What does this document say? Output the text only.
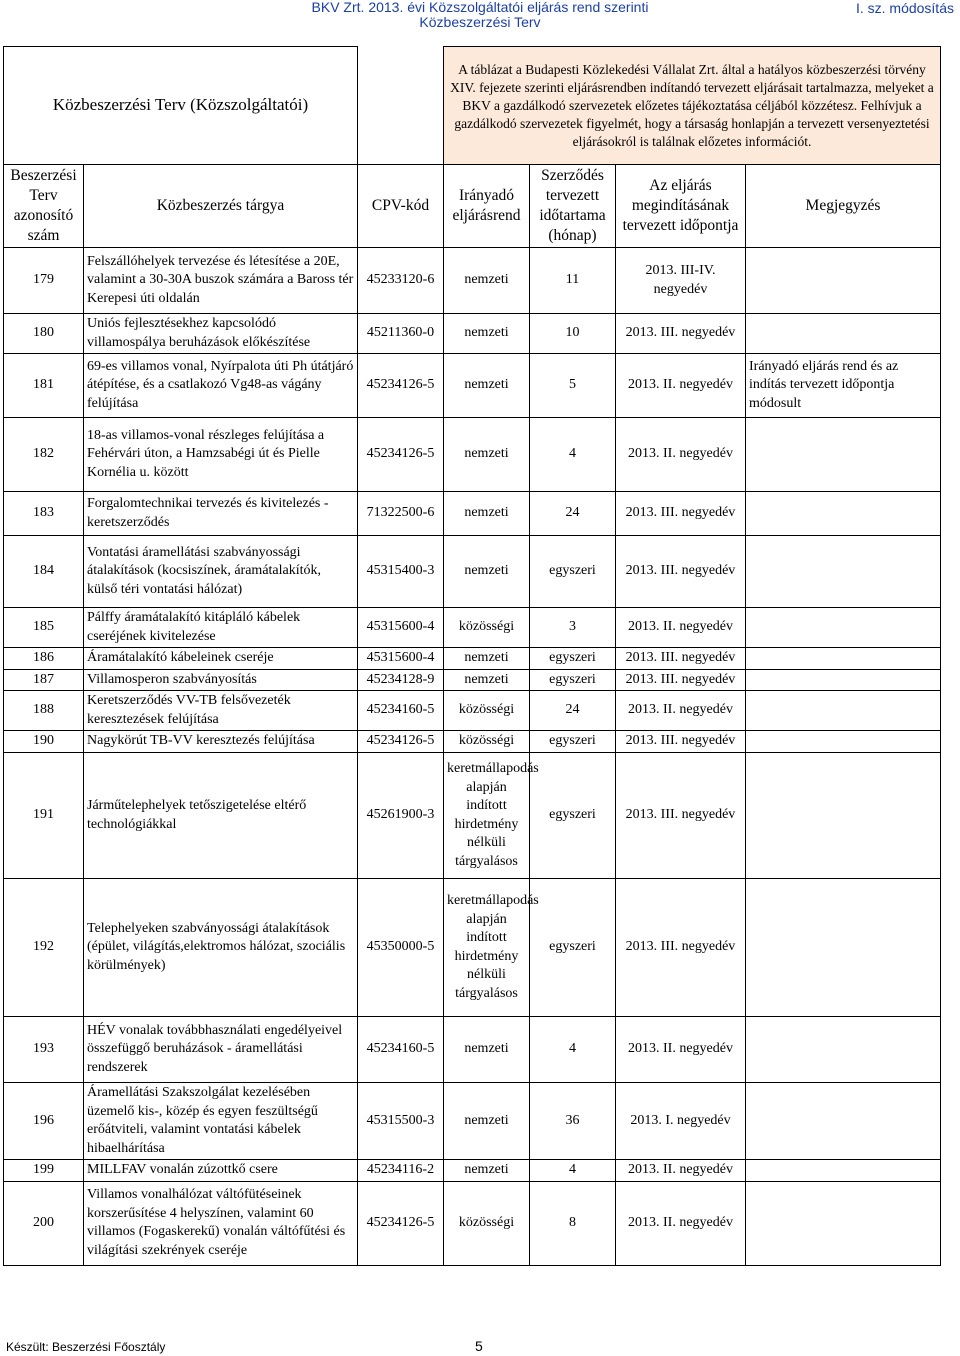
BKV Zrt. 2013. évi Közszolgáltatói eljárás rend szerinti
Közbeszerzési Terv
I. sz. módosítás
Közbeszerzési Terv (Közszolgáltatói)			A táblázat a Budapesti Közlekedési Vállalat Zrt. által a hatályos közbeszerzési törvény XIV. fejezete szerinti eljárásrendben indítandó tervezett eljárásait tartalmazza, melyeket a BKV a gazdálkodó szervezetek előzetes tájékoztatása céljából közzétesz. Felhívjuk a gazdálkodó szervezetek figyelmét, hogy a társaság honlapján a tervezett versenyeztetési eljárásokról is találnak előzetes információt.			
Beszerzési Terv azonosító szám	Közbeszerzés tárgya	CPV-kód	Irányadó eljárásrend	Szerződés tervezett időtartama (hónap)	Az eljárás megindításának tervezett időpontja	Megjegyzés
179	Felszállóhelyek tervezése és létesítése a 20E, valamint a 30-30A buszok számára a Baross tér Kerepesi úti oldalán	45233120-6	nemzeti	11	2013. III-IV. negyedév	
180	Uniós fejlesztésekhez kapcsolódó villamospálya beruházások előkészítése	45211360-0	nemzeti	10	2013. III. negyedév	
181	69-es villamos vonal, Nyírpalota úti Ph útátjáró átépítése, és a csatlakozó Vg48-as vágány felújítása	45234126-5	nemzeti	5	2013. II. negyedév	Irányadó eljárás rend és az indítás tervezett időpontja módosult
182	18-as villamos-vonal részleges felújítása a Fehérvári úton, a Hamzsabégi út és Pielle Kornélia u. között	45234126-5	nemzeti	4	2013. II. negyedév	
183	Forgalomtechnikai tervezés és kivitelezés - keretszerződés	71322500-6	nemzeti	24	2013. III. negyedév	
184	Vontatási áramellátási szabványossági átalakítások (kocsiszínek, áramátalakítók, külső téri vontatási hálózat)	45315400-3	nemzeti	egyszeri	2013. III. negyedév	
185	Pálffy áramátalakító kitápláló kábelek cseréjének kivitelezése	45315600-4	közösségi	3	2013. II. negyedév	
186	Áramátalakító kábeleinek cseréje	45315600-4	nemzeti	egyszeri	2013. III. negyedév	
187	Villamosperon szabványosítás	45234128-9	nemzeti	egyszeri	2013. III. negyedév	
188	Keretszerződés VV-TB felsővezeték keresztezések felújítása	45234160-5	közösségi	24	2013. II. negyedév	
190	Nagykörút TB-VV keresztezés felújítása	45234126-5	közösségi	egyszeri	2013. III. negyedév	
191	Járműtelephelyek tetőszigetelése eltérő technológiákkal	45261900-3	keretmállapodás alapján indított hirdetmény nélküli tárgyalásos	egyszeri	2013. III. negyedév	
192	Telephelyeken szabványossági átalakítások (épület, világítás,elektromos hálózat, szociális körülmények)	45350000-5	keretmállapodás alapján indított hirdetmény nélküli tárgyalásos	egyszeri	2013. III. negyedév	
193	HÉV vonalak továbbhasználati engedélyeivel összefüggő beruházások - áramellátási rendszerek	45234160-5	nemzeti	4	2013. II. negyedév	
196	Áramellátási Szakszolgálat kezelésében üzemelő kis-, közép és egyen feszültségű erőátviteli, valamint vontatási kábelek hibaelhárítása	45315500-3	nemzeti	36	2013. I. negyedév	
199	MILLFAV vonalán zúzottkő csere	45234116-2	nemzeti	4	2013. II. negyedév	
200	Villamos vonalhálózat váltófütéseinek korszerűsítése 4 helyszínen, valamint 60 villamos (Fogaskerekű) vonalán váltófűtési és világítási szekrények cseréje	45234126-5	közösségi	8	2013. II. negyedév	
Készült: Beszerzési Főosztály	5
